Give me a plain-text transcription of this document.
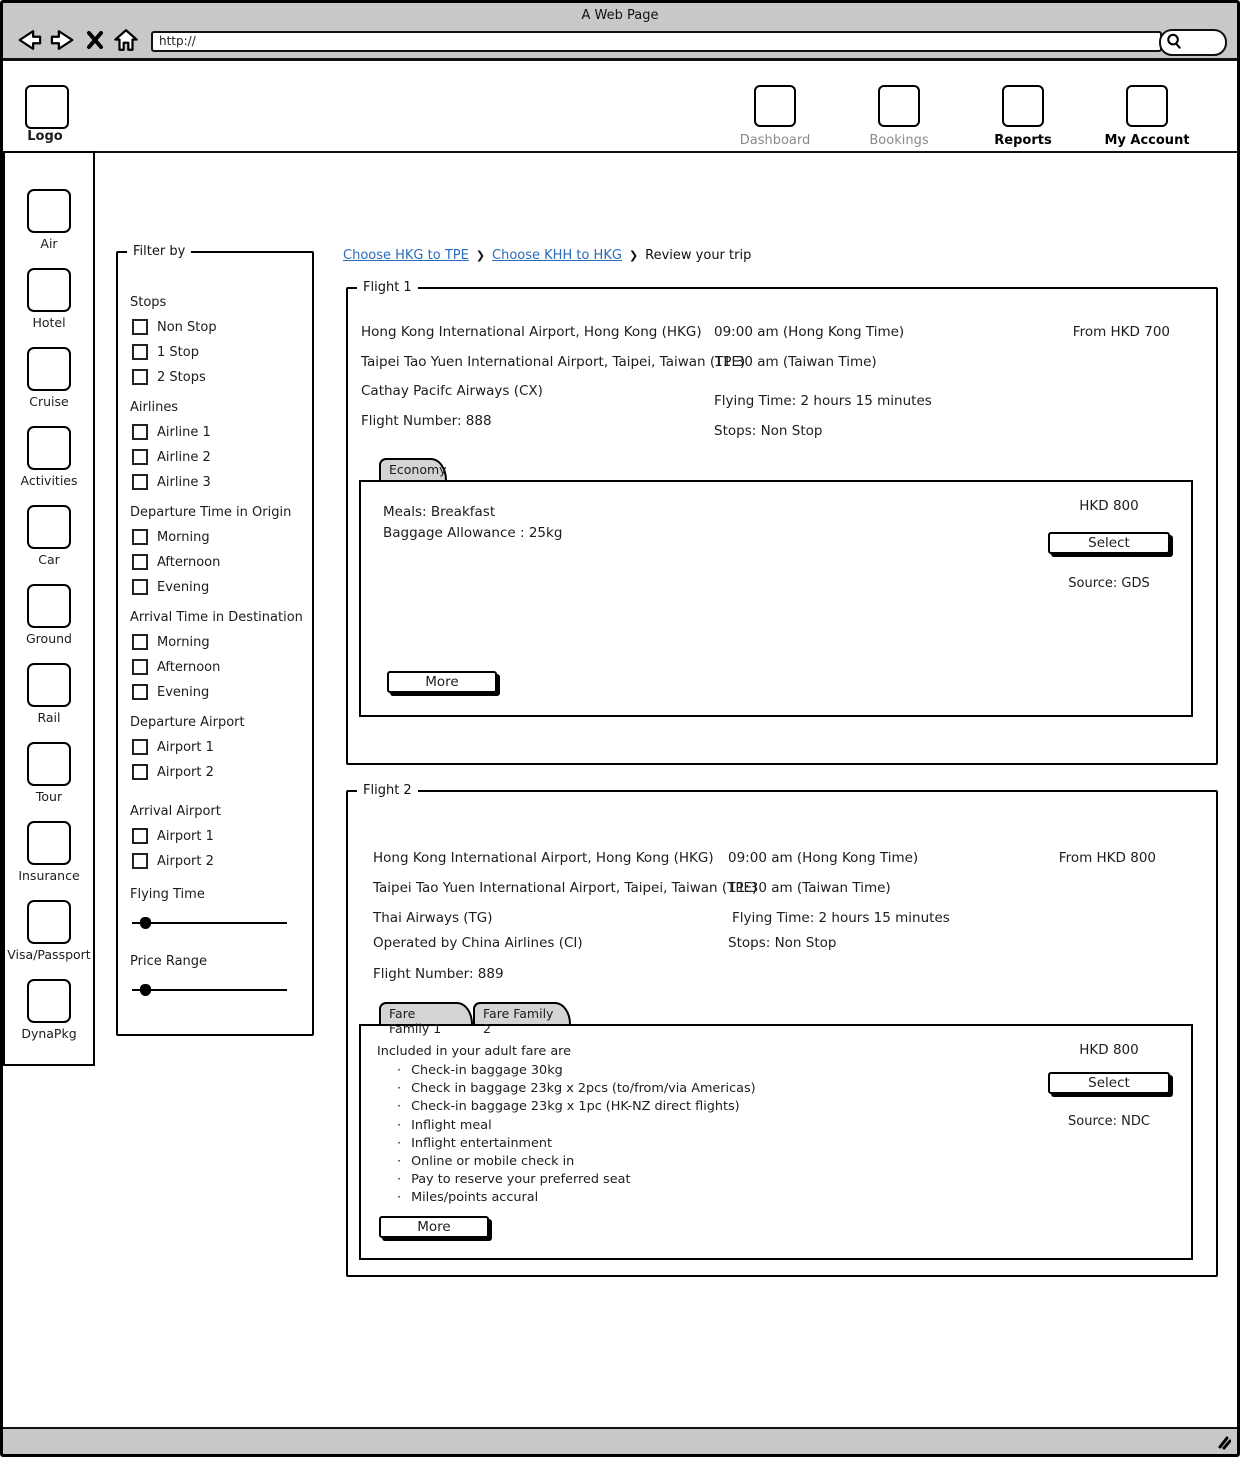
A Web Page
http://
Logo	Dashboard	Bookings	Reports	My Account
Air
Hotel
Cruise
Activities
Car
Ground
Rail
Tour
Insurance
Visa/Passport
DynaPkg
Filter by
Stops
Non Stop
1 Stop
2 Stops
Airlines
Airline 1
Airline 2
Airline 3
Departure Time in Origin
Morning
Afternoon
Evening
Arrival Time in Destination
Morning
Afternoon
Evening
Departure Airport
Airport 1
Airport 2
Arrival Airport
Airport 1
Airport 2
Flying Time
Price Range
Choose HKG to TPE ❯ Choose KHH to HKG ❯ Review your trip
Flight 1
Hong Kong International Airport, Hong Kong (HKG)
Taipei Tao Yuen International Airport, Taipei, Taiwan (TPE)
Cathay Pacifc Airways (CX)
Flight Number: 888
09:00 am (Hong Kong Time)
11:30 am (Taiwan Time)
Flying Time: 2 hours 15 minutes
Stops: Non Stop
From HKD 700
Economy
Meals: Breakfast
Baggage Allowance : 25kg
HKD 800
Select
Source: GDS
More
Flight 2
Hong Kong International Airport, Hong Kong (HKG)
Taipei Tao Yuen International Airport, Taipei, Taiwan (TPE)
Thai Airways (TG)
Operated by China Airlines (CI)
Flight Number: 889
09:00 am (Hong Kong Time)
11:30 am (Taiwan Time)
Flying Time: 2 hours 15 minutes
Stops: Non Stop
From HKD 800
Fare Family 1
Fare Family 2
Included in your adult fare are
· Check-in baggage 30kg
· Check in baggage 23kg x 2pcs (to/from/via Americas)
· Check-in baggage 23kg x 1pc (HK-NZ direct flights)
· Inflight meal
· Inflight entertainment
· Online or mobile check in
· Pay to reserve your preferred seat
· Miles/points accural
HKD 800
Select
Source: NDC
More
